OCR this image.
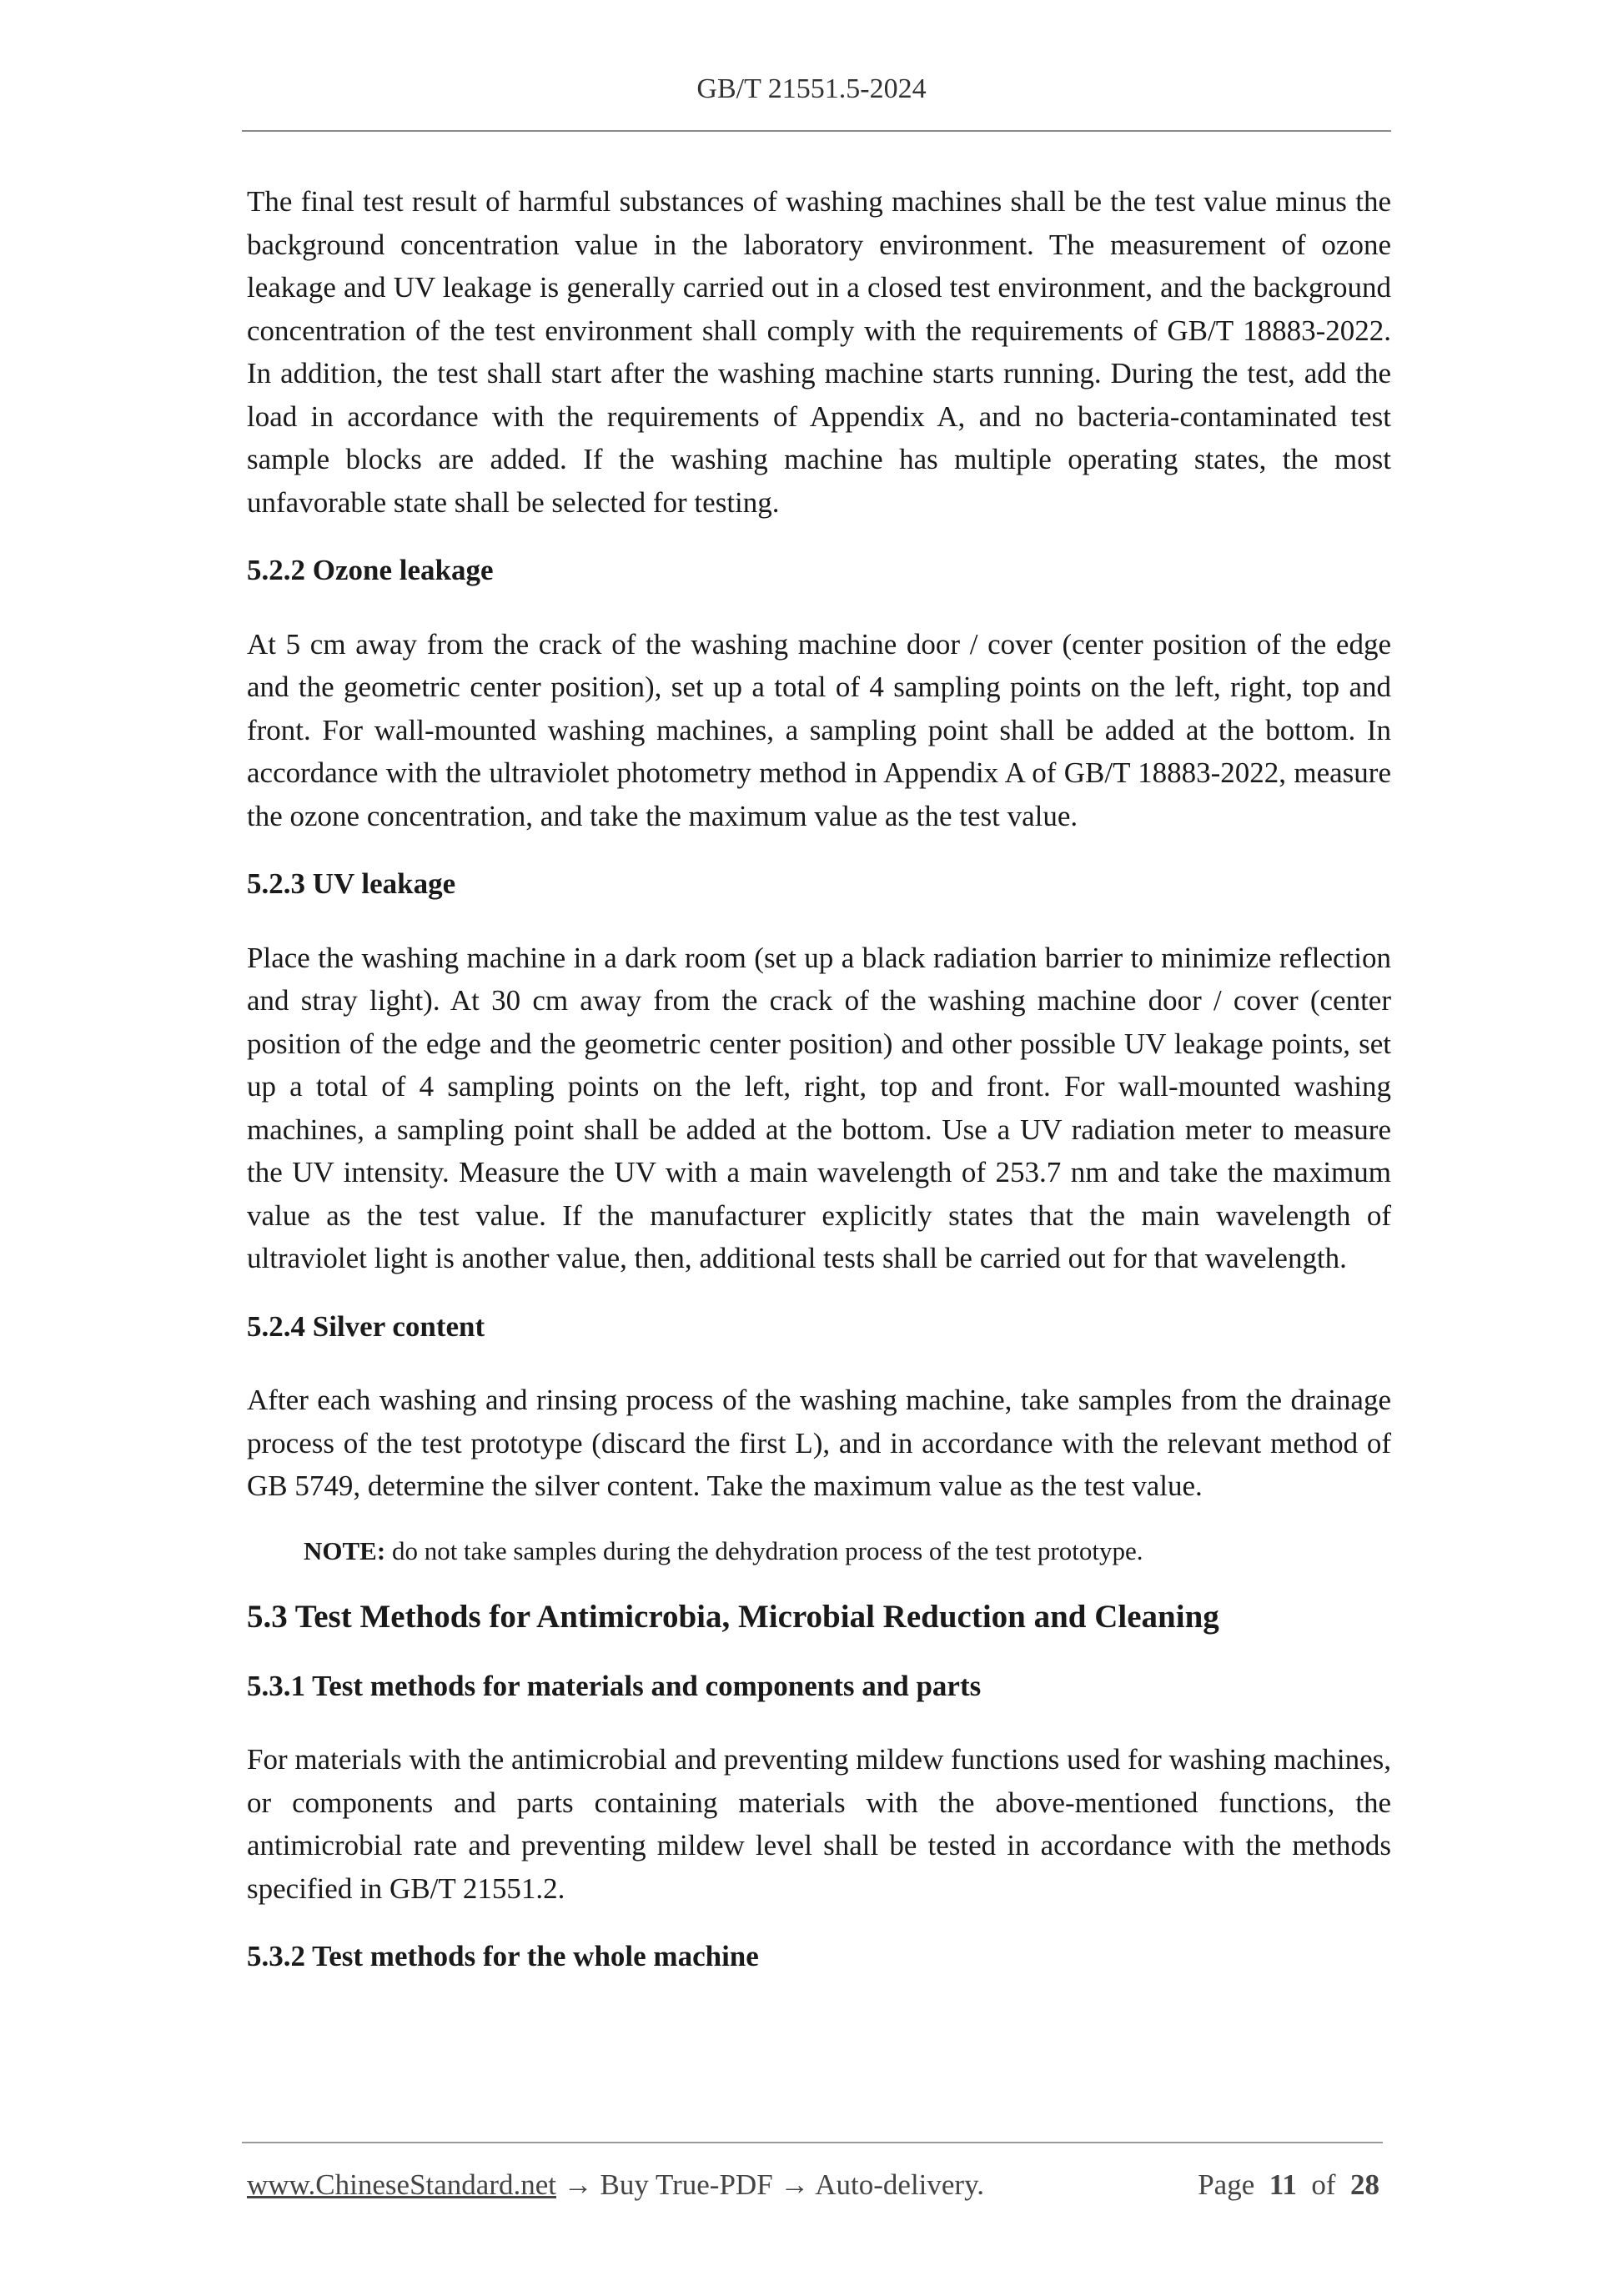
GB/T 21551.5-2024

The final test result of harmful substances of washing machines shall be the test value minus the background concentration value in the laboratory environment. The measurement of ozone leakage and UV leakage is generally carried out in a closed test environment, and the background concentration of the test environment shall comply with the requirements of GB/T 18883-2022. In addition, the test shall start after the washing machine starts running. During the test, add the load in accordance with the requirements of Appendix A, and no bacteria-contaminated test sample blocks are added. If the washing machine has multiple operating states, the most unfavorable state shall be selected for testing.

5.2.2 Ozone leakage

At 5 cm away from the crack of the washing machine door / cover (center position of the edge and the geometric center position), set up a total of 4 sampling points on the left, right, top and front. For wall-mounted washing machines, a sampling point shall be added at the bottom. In accordance with the ultraviolet photometry method in Appendix A of GB/T 18883-2022, measure the ozone concentration, and take the maximum value as the test value.

5.2.3 UV leakage

Place the washing machine in a dark room (set up a black radiation barrier to minimize reflection and stray light). At 30 cm away from the crack of the washing machine door / cover (center position of the edge and the geometric center position) and other possible UV leakage points, set up a total of 4 sampling points on the left, right, top and front. For wall-mounted washing machines, a sampling point shall be added at the bottom. Use a UV radiation meter to measure the UV intensity. Measure the UV with a main wavelength of 253.7 nm and take the maximum value as the test value. If the manufacturer explicitly states that the main wavelength of ultraviolet light is another value, then, additional tests shall be carried out for that wavelength.

5.2.4 Silver content

After each washing and rinsing process of the washing machine, take samples from the drainage process of the test prototype (discard the first L), and in accordance with the relevant method of GB 5749, determine the silver content. Take the maximum value as the test value.

NOTE: do not take samples during the dehydration process of the test prototype.

5.3 Test Methods for Antimicrobia, Microbial Reduction and Cleaning

5.3.1 Test methods for materials and components and parts

For materials with the antimicrobial and preventing mildew functions used for washing machines, or components and parts containing materials with the above-mentioned functions, the antimicrobial rate and preventing mildew level shall be tested in accordance with the methods specified in GB/T 21551.2.

5.3.2 Test methods for the whole machine

www.ChineseStandard.net → Buy True-PDF → Auto-delivery.	Page 11 of 28
